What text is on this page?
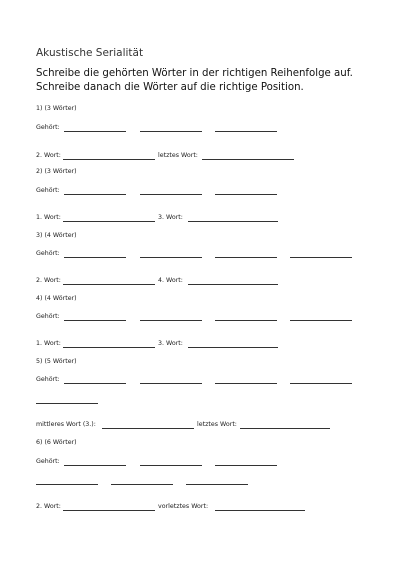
Akustische Serialität
Schreibe die gehörten Wörter in der richtigen Reihenfolge auf.
Schreibe danach die Wörter auf die richtige Position.
1) (3 Wörter)
Gehört:
2. Wort:	letztes Wort:
2) (3 Wörter)
Gehört:
1. Wort:	3. Wort:
3) (4 Wörter)
Gehört:
2. Wort:	4. Wort:
4) (4 Wörter)
Gehört:
1. Wort:	3. Wort:
5) (5 Wörter)
Gehört:
mittleres Wort (3.):	letztes Wort:
6) (6 Wörter)
Gehört:
2. Wort:	vorletztes Wort:
